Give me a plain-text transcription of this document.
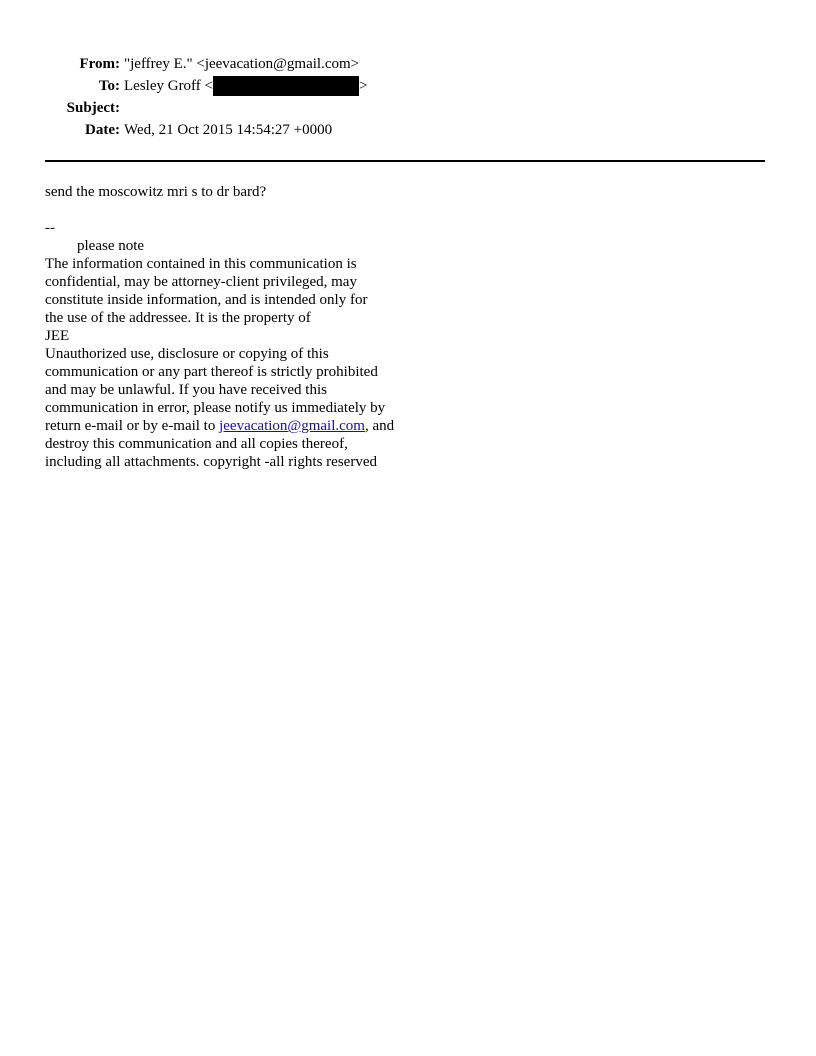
From: "jeffrey E." <jeevacation@gmail.com>
To: Lesley Groff <	>
Subject:
Date: Wed, 21 Oct 2015 14:54:27 +0000
send the moscowitz mri s to dr bard?
--
please note
The information contained in this communication is
confidential, may be attorney-client privileged, may
constitute inside information, and is intended only for
the use of the addressee. It is the property of
JEE
Unauthorized use, disclosure or copying of this
communication or any part thereof is strictly prohibited
and may be unlawful. If you have received this
communication in error, please notify us immediately by
return e-mail or by e-mail to jeevacation@gmail.com, and
destroy this communication and all copies thereof,
including all attachments. copyright -all rights reserved
